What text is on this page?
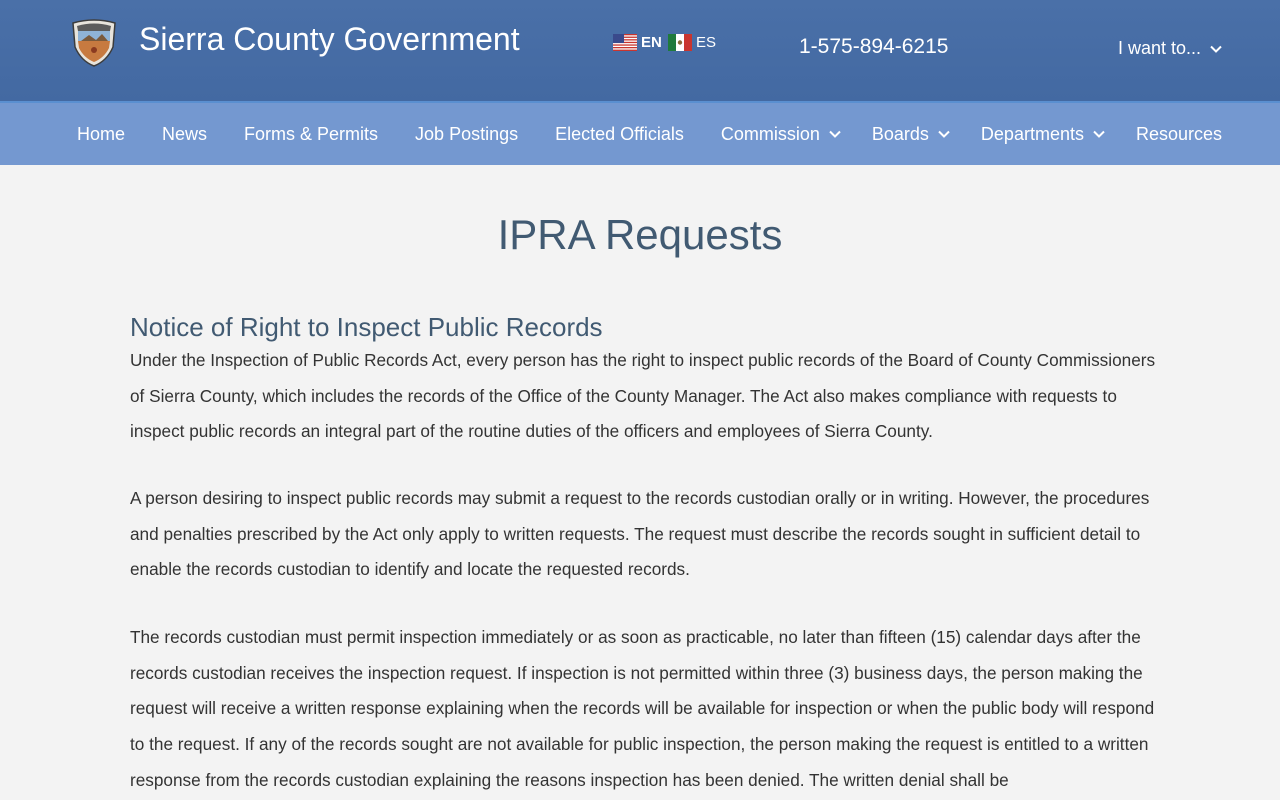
Sierra County Government	EN ES	1-575-894-6215	I want to...
Home News Forms & Permits Job Postings Elected Officials Commission	Boards	Departments	Resources
IPRA Requests
Notice of Right to Inspect Public Records

Under the Inspection of Public Records Act, every person has the right to inspect public records of the Board of County Commissioners of Sierra County, which includes the records of the Office of the County Manager. The Act also makes compliance with requests to inspect public records an integral part of the routine duties of the officers and employees of Sierra County.

A person desiring to inspect public records may submit a request to the records custodian orally or in writing. However, the procedures and penalties prescribed by the Act only apply to written requests. The request must describe the records sought in sufficient detail to enable the records custodian to identify and locate the requested records.

The records custodian must permit inspection immediately or as soon as practicable, no later than fifteen (15) calendar days after the records custodian receives the inspection request. If inspection is not permitted within three (3) business days, the person making the request will receive a written response explaining when the records will be available for inspection or when the public body will respond to the request. If any of the records sought are not available for public inspection, the person making the request is entitled to a written response from the records custodian explaining the reasons inspection has been denied. The written denial shall be
